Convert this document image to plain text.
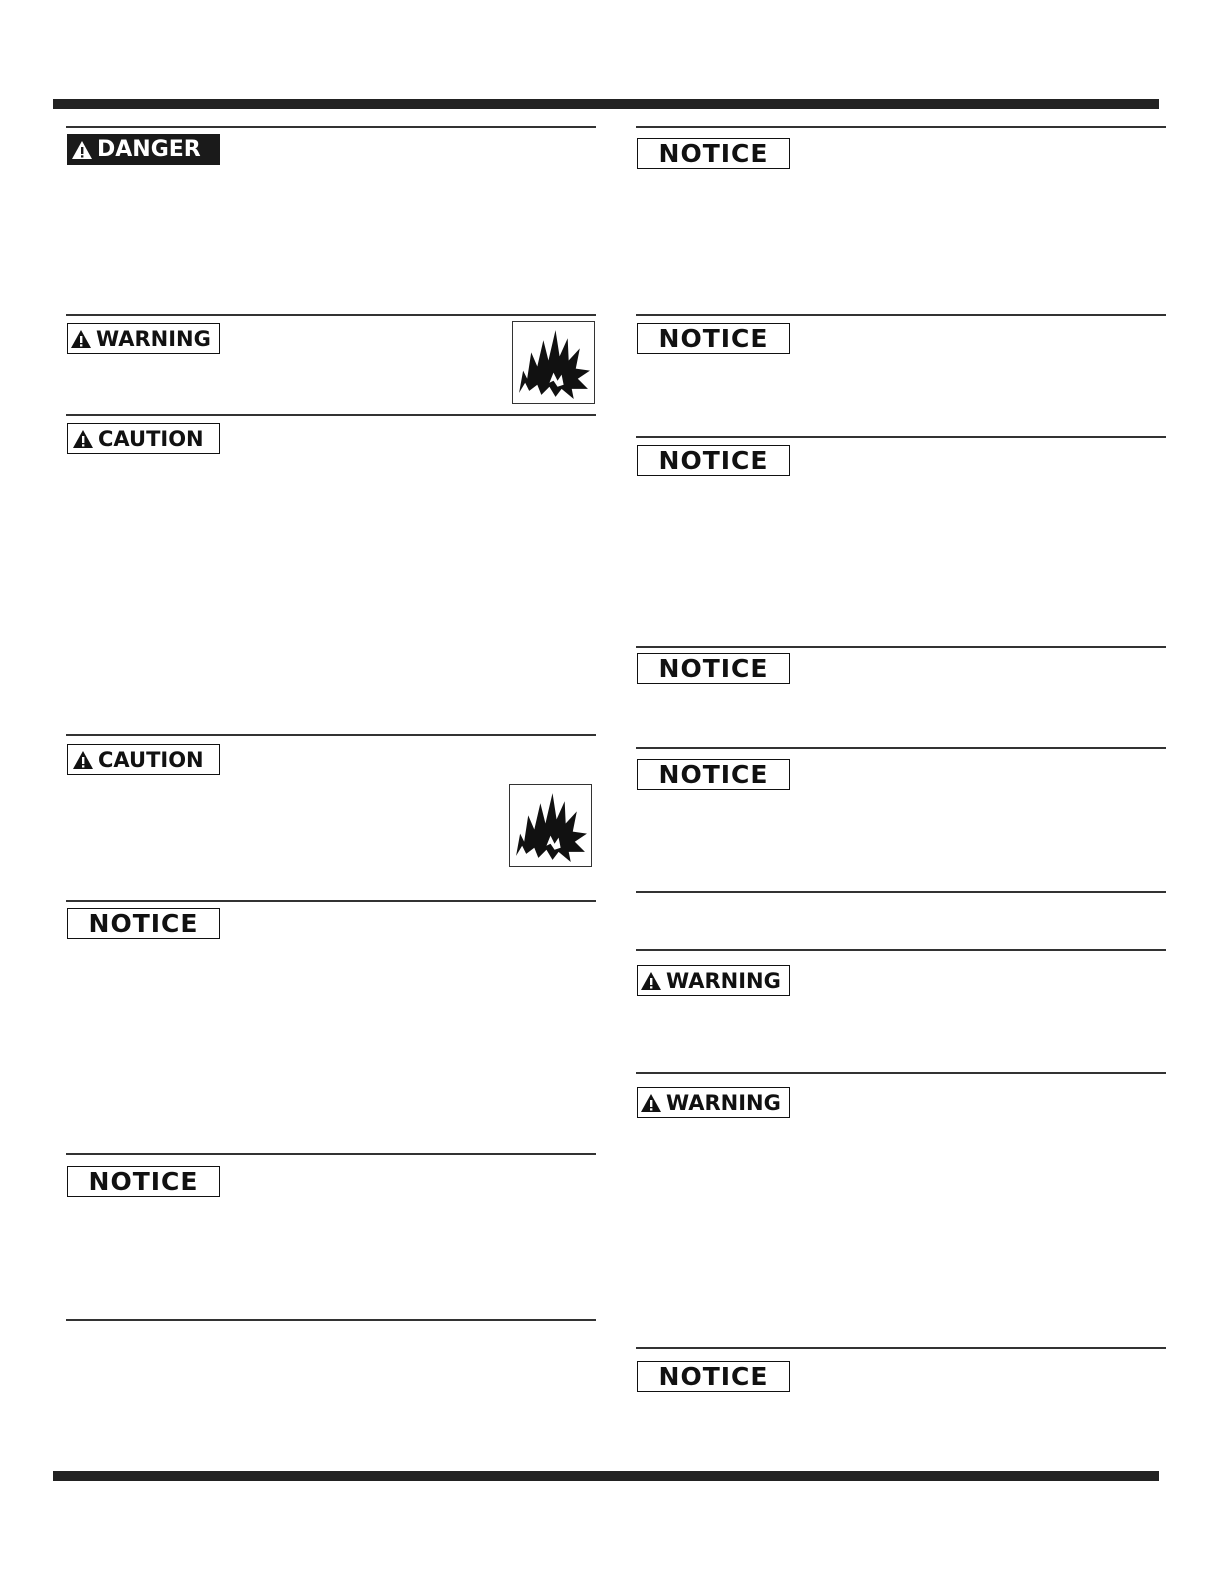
DANGER
WARNING
CAUTION
CAUTION
NOTICE
NOTICE
NOTICE
NOTICE
NOTICE
NOTICE
NOTICE
WARNING
WARNING
NOTICE
